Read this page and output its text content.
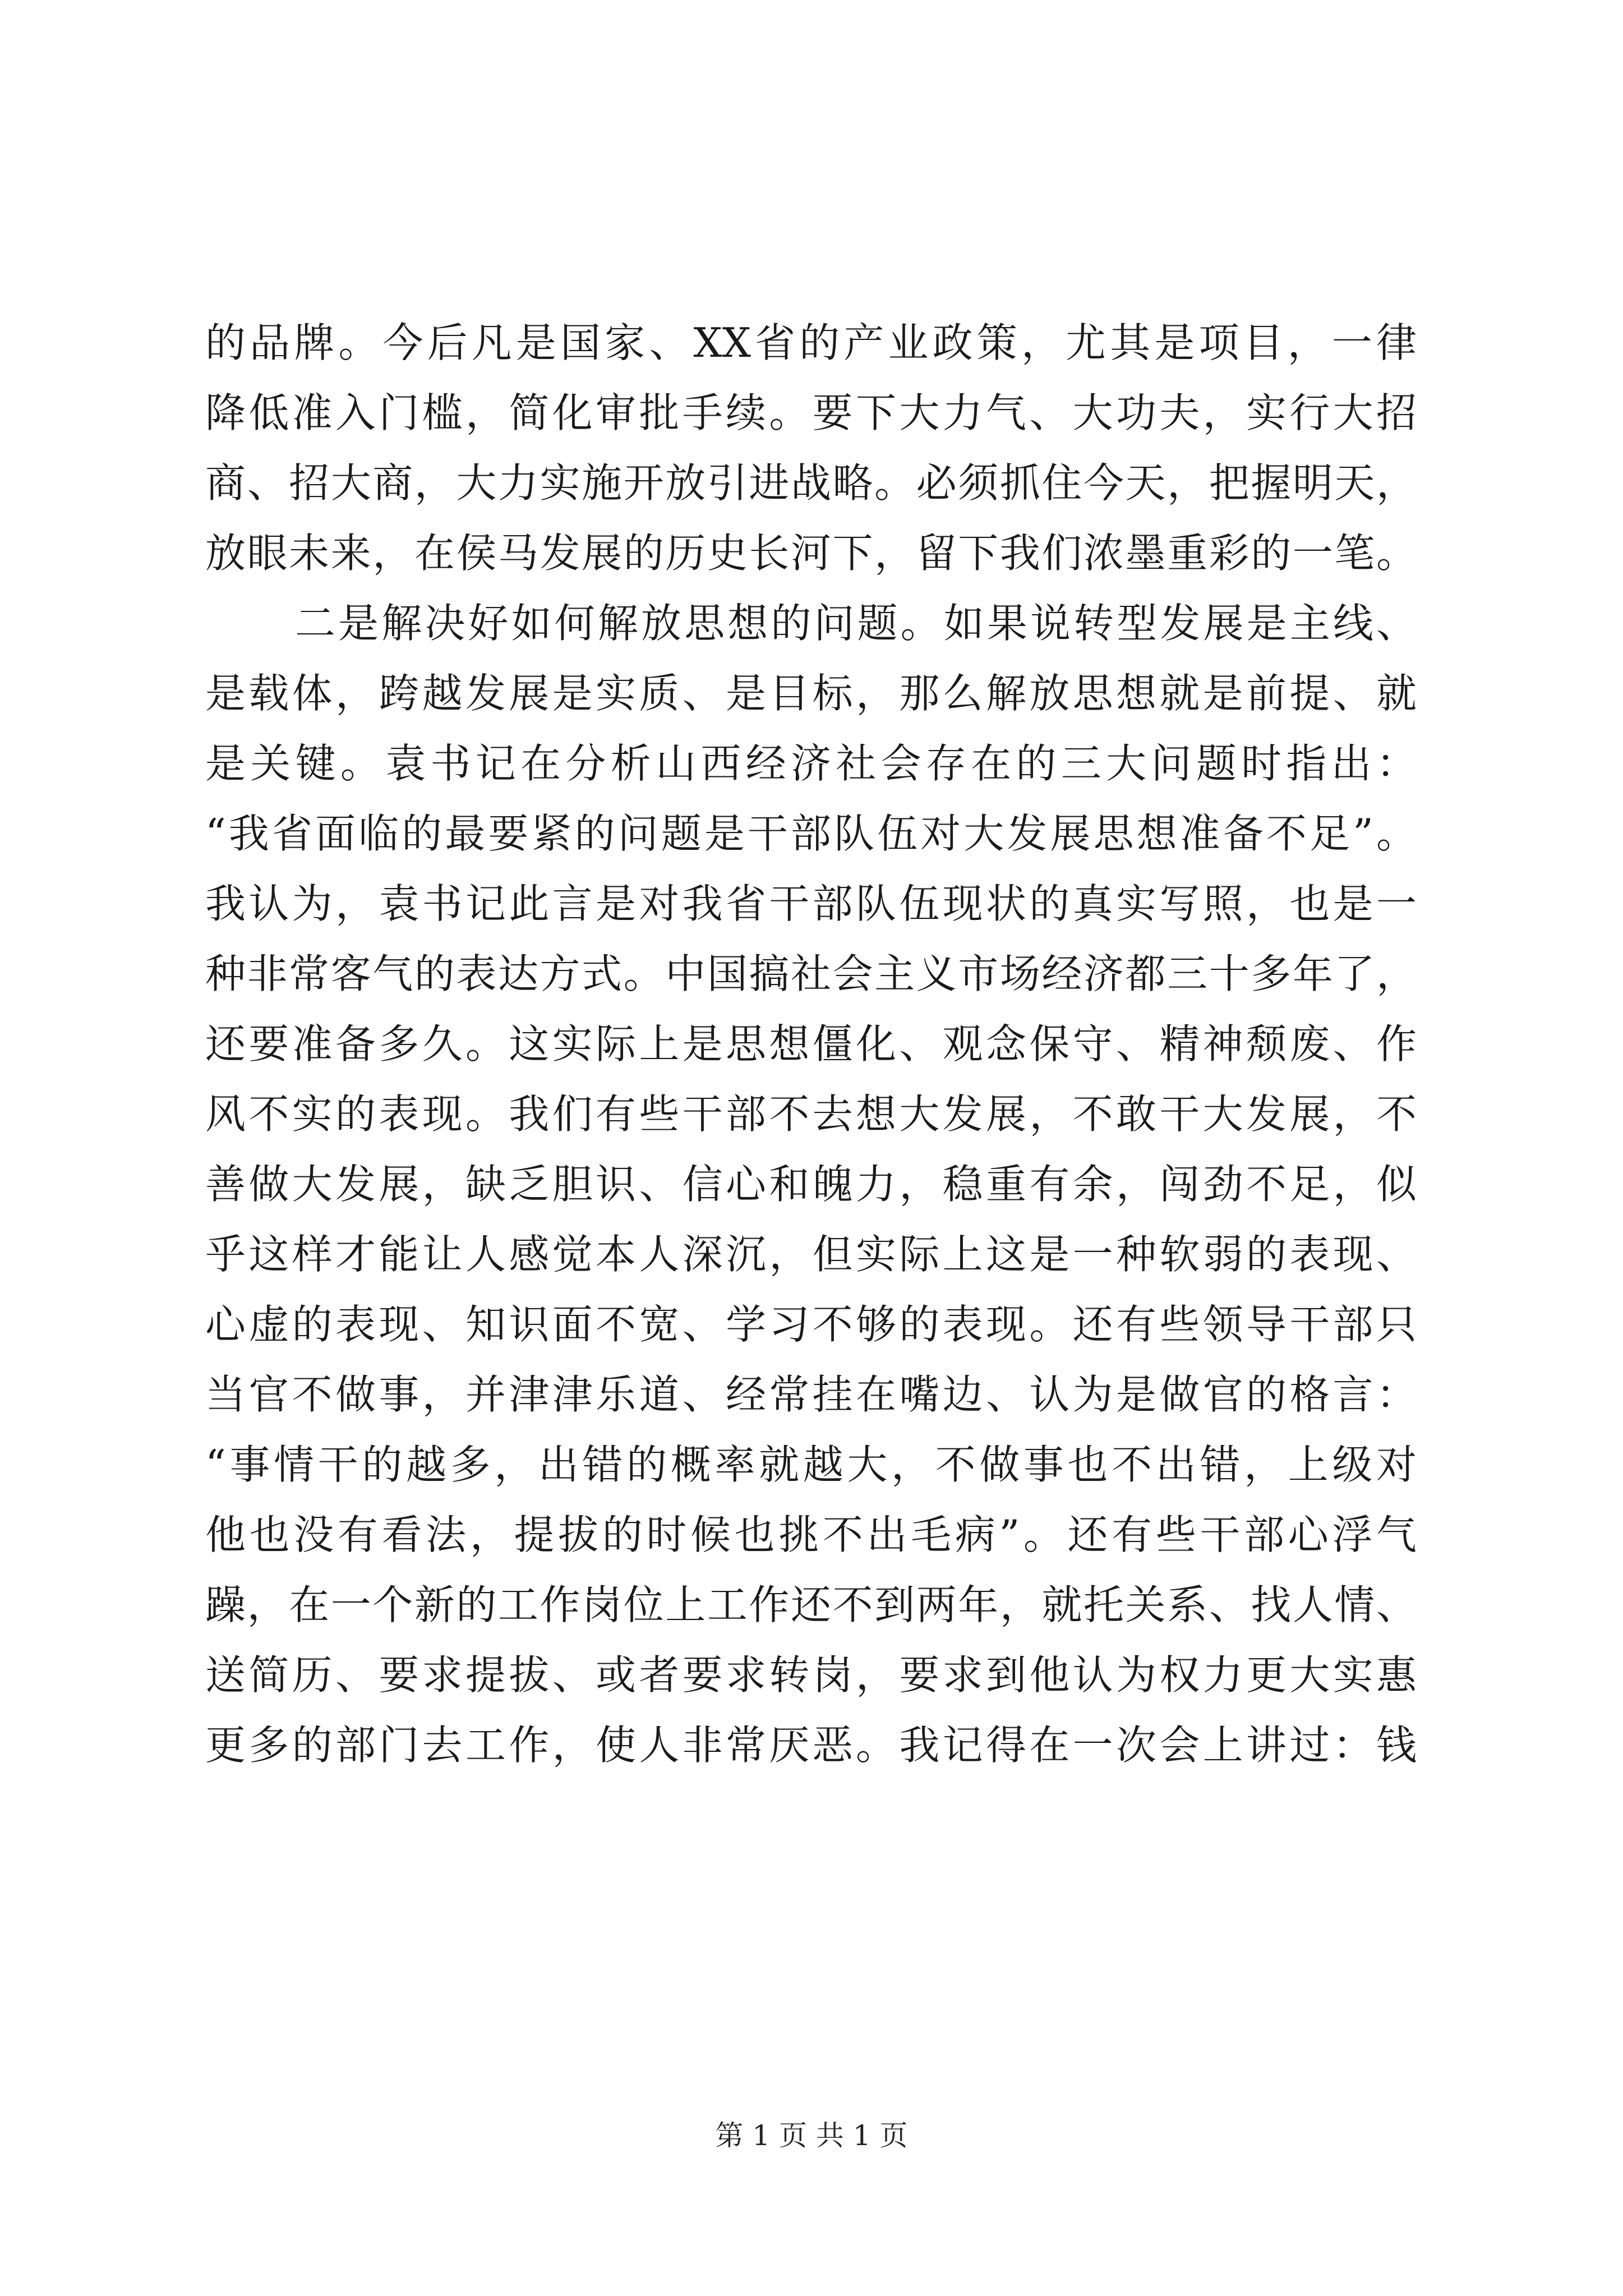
的品牌。今后凡是国家、XX省的产业政策，尤其是项目，一律
降低准入门槛，简化审批手续。要下大力气、大功夫，实行大招
商、招大商，大力实施开放引进战略。必须抓住今天，把握明天，
放眼未来，在侯马发展的历史长河下，留下我们浓墨重彩的一笔。
二是解决好如何解放思想的问题。如果说转型发展是主线、
是载体，跨越发展是实质、是目标，那么解放思想就是前提、就
是关键。袁书记在分析山西经济社会存在的三大问题时指出：
“我省面临的最要紧的问题是干部队伍对大发展思想准备不足”。
我认为，袁书记此言是对我省干部队伍现状的真实写照，也是一
种非常客气的表达方式。中国搞社会主义市场经济都三十多年了，
还要准备多久。这实际上是思想僵化、观念保守、精神颓废、作
风不实的表现。我们有些干部不去想大发展，不敢干大发展，不
善做大发展，缺乏胆识、信心和魄力，稳重有余，闯劲不足，似
乎这样才能让人感觉本人深沉，但实际上这是一种软弱的表现、
心虚的表现、知识面不宽、学习不够的表现。还有些领导干部只
当官不做事，并津津乐道、经常挂在嘴边、认为是做官的格言：
“事情干的越多，出错的概率就越大，不做事也不出错，上级对
他也没有看法，提拔的时候也挑不出毛病”。还有些干部心浮气
躁，在一个新的工作岗位上工作还不到两年，就托关系、找人情、
送简历、要求提拔、或者要求转岗，要求到他认为权力更大实惠
更多的部门去工作，使人非常厌恶。我记得在一次会上讲过：钱
第 1 页 共 1 页
